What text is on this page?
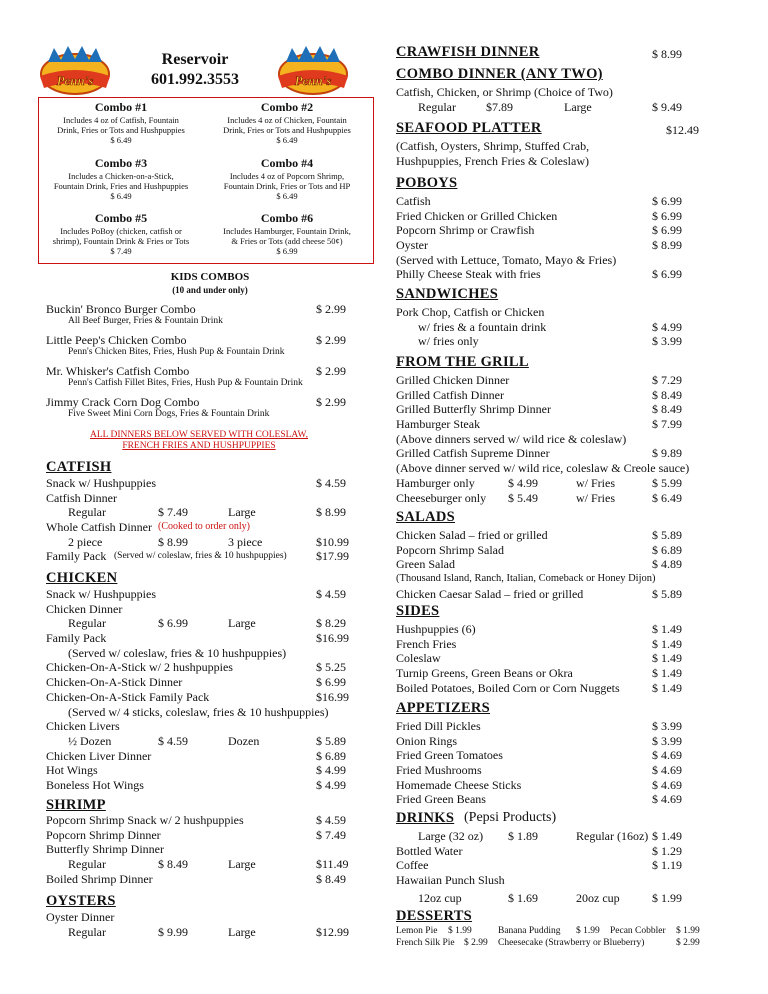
Penn's	Penn's
Reservoir
601.992.3553
Combo #1
Includes 4 oz of Catfish, Fountain
Drink, Fries or Tots and Hushpuppies
$ 6.49
Combo #2
Includes 4 oz of Chicken, Fountain
Drink, Fries or Tots and Hushpuppies
$ 6.49
Combo #3
Includes a Chicken-on-a-Stick,
Fountain Drink, Fries and Hushpuppies
$ 6.49
Combo #4
Includes 4 oz of Popcorn Shrimp,
Fountain Drink, Fries or Tots and HP
$ 6.49
Combo #5
Includes PoBoy (chicken, catfish or
shrimp), Fountain Drink & Fries or Tots
$ 7.49
Combo #6
Includes Hamburger, Fountain Drink,
& Fries or Tots (add cheese 50¢)
$ 6.99
KIDS COMBOS
(10 and under only)
Buckin' Bronco Burger Combo	$ 2.99
All Beef Burger, Fries & Fountain Drink
Little Peep's Chicken Combo	$ 2.99
Penn's Chicken Bites, Fries, Hush Pup & Fountain Drink
Mr. Whisker's Catfish Combo	$ 2.99
Penn's Catfish Fillet Bites, Fries, Hush Pup & Fountain Drink
Jimmy Crack Corn Dog Combo	$ 2.99
Five Sweet Mini Corn Dogs, Fries & Fountain Drink
ALL DINNERS BELOW SERVED WITH COLESLAW,
FRENCH FRIES AND HUSHPUPPIES
CATFISH
Snack w/ Hushpuppies	$ 4.59
Catfish Dinner
Regular	$ 7.49	Large	$ 8.99
Whole Catfish Dinner (Cooked to order only)
2 piece	$ 8.99	3 piece	$10.99
Family Pack (Served w/ coleslaw, fries & 10 hushpuppies) $17.99
CHICKEN
Snack w/ Hushpuppies	$ 4.59
Chicken Dinner
Regular	$ 6.99	Large	$ 8.29
Family Pack	$16.99
(Served w/ coleslaw, fries & 10 hushpuppies)
Chicken-On-A-Stick w/ 2 hushpuppies	$ 5.25
Chicken-On-A-Stick Dinner	$ 6.99
Chicken-On-A-Stick Family Pack	$16.99
(Served w/ 4 sticks, coleslaw, fries & 10 hushpuppies)
Chicken Livers
½ Dozen	$ 4.59	Dozen	$ 5.89
Chicken Liver Dinner	$ 6.89
Hot Wings	$ 4.99
Boneless Hot Wings	$ 4.99
SHRIMP
Popcorn Shrimp Snack w/ 2 hushpuppies	$ 4.59
Popcorn Shrimp Dinner	$ 7.49
Butterfly Shrimp Dinner
Regular	$ 8.49	Large	$11.49
Boiled Shrimp Dinner	$ 8.49
OYSTERS
Oyster Dinner
Regular	$ 9.99	Large	$12.99
CRAWFISH DINNER	$ 8.99
COMBO DINNER (ANY TWO)
Catfish, Chicken, or Shrimp (Choice of Two)
Regular	$7.89	Large	$ 9.49
SEAFOOD PLATTER	$12.49
(Catfish, Oysters, Shrimp, Stuffed Crab,
Hushpuppies, French Fries & Coleslaw)
POBOYS
Catfish	$ 6.99
Fried Chicken or Grilled Chicken	$ 6.99
Popcorn Shrimp or Crawfish	$ 6.99
Oyster	$ 8.99
(Served with Lettuce, Tomato, Mayo & Fries)
Philly Cheese Steak with fries	$ 6.99
SANDWICHES
Pork Chop, Catfish or Chicken
w/ fries & a fountain drink	$ 4.99
w/ fries only	$ 3.99
FROM THE GRILL
Grilled Chicken Dinner	$ 7.29
Grilled Catfish Dinner	$ 8.49
Grilled Butterfly Shrimp Dinner	$ 8.49
Hamburger Steak	$ 7.99
(Above dinners served w/ wild rice & coleslaw)
Grilled Catfish Supreme Dinner	$ 9.89
(Above dinner served w/ wild rice, coleslaw & Creole sauce)
Hamburger only	$ 4.99	w/ Fries	$ 5.99
Cheeseburger only $ 5.49	w/ Fries	$ 6.49
SALADS
Chicken Salad – fried or grilled	$ 5.89
Popcorn Shrimp Salad	$ 6.89
Green Salad	$ 4.89
(Thousand Island, Ranch, Italian, Comeback or Honey Dijon)
Chicken Caesar Salad – fried or grilled	$ 5.89
SIDES
Hushpuppies (6)	$ 1.49
French Fries	$ 1.49
Coleslaw	$ 1.49
Turnip Greens, Green Beans or Okra	$ 1.49
Boiled Potatoes, Boiled Corn or Corn Nuggets	$ 1.49
APPETIZERS
Fried Dill Pickles	$ 3.99
Onion Rings	$ 3.99
Fried Green Tomatoes	$ 4.69
Fried Mushrooms	$ 4.69
Homemade Cheese Sticks	$ 4.69
Fried Green Beans	$ 4.69
DRINKS (Pepsi Products)
Large (32 oz) $ 1.89	Regular (16oz) $ 1.49
Bottled Water	$ 1.29
Coffee	$ 1.19
Hawaiian Punch Slush
12oz cup	$ 1.69	20oz cup	$ 1.99
DESSERTS
Lemon Pie $ 1.99	Banana Pudding $ 1.99 Pecan Cobbler $ 1.99
French Silk Pie $ 2.99 Cheesecake (Strawberry or Blueberry)	$ 2.99
